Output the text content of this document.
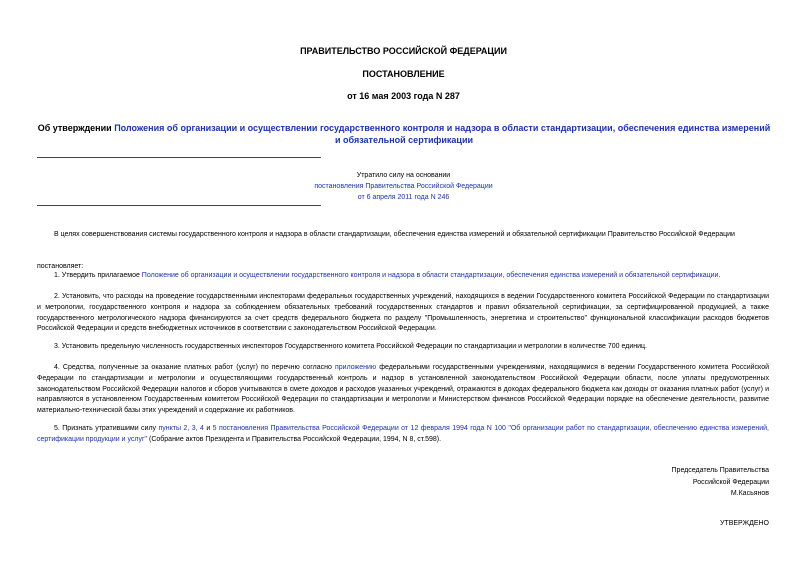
ПРАВИТЕЛЬСТВО РОССИЙСКОЙ ФЕДЕРАЦИИ
ПОСТАНОВЛЕНИЕ
от 16 мая 2003 года N 287
Об утверждении Положения об организации и осуществлении государственного контроля и надзора в области стандартизации, обеспечения единства измерений и обязательной сертификации
Утратило силу на основании
постановления Правительства Российской Федерации
от 6 апреля 2011 года N 246
В целях совершенствования системы государственного контроля и надзора в области стандартизации, обеспечения единства измерений и обязательной сертификации Правительство Российской Федерации
постановляет:
1. Утвердить прилагаемое Положение об организации и осуществлении государственного контроля и надзора в области стандартизации, обеспечения единства измерений и обязательной сертификации.
2. Установить, что расходы на проведение государственными инспекторами федеральных государственных учреждений, находящихся в ведении Государственного комитета Российской Федерации по стандартизации и метрологии, государственного контроля и надзора за соблюдением обязательных требований государственных стандартов и правил обязательной сертификации, за сертифицированной продукцией, а также государственного метрологического надзора финансируются за счет средств федерального бюджета по разделу "Промышленность, энергетика и строительство" функциональной классификации расходов бюджетов Российской Федерации и средств внебюджетных источников в соответствии с законодательством Российской Федерации.
3. Установить предельную численность государственных инспекторов Государственного комитета Российской Федерации по стандартизации и метрологии в количестве 700 единиц.
4. Средства, полученные за оказание платных работ (услуг) по перечню согласно приложению федеральными государственными учреждениями, находящимися в ведении Государственного комитета Российской Федерации по стандартизации и метрологии и осуществляющими государственный контроль и надзор в установленной законодательством Российской Федерации области, после уплаты предусмотренных законодательством Российской Федерации налогов и сборов учитываются в смете доходов и расходов указанных учреждений, отражаются в доходах федерального бюджета как доходы от оказания платных работ (услуг) и направляются в установленном Государственным комитетом Российской Федерации по стандартизации и метрологии и Министерством финансов Российской Федерации порядке на обеспечение деятельности, развитие материально-технической базы этих учреждений и содержание их работников.
5. Признать утратившими силу пункты 2, 3, 4 и 5 постановления Правительства Российской Федерации от 12 февраля 1994 года N 100 "Об организации работ по стандартизации, обеспечению единства измерений, сертификации продукции и услуг" (Собрание актов Президента и Правительства Российской Федерации, 1994, N 8, ст.598).
Председатель Правительства
Российской Федерации
М.Касьянов
УТВЕРЖДЕНО
